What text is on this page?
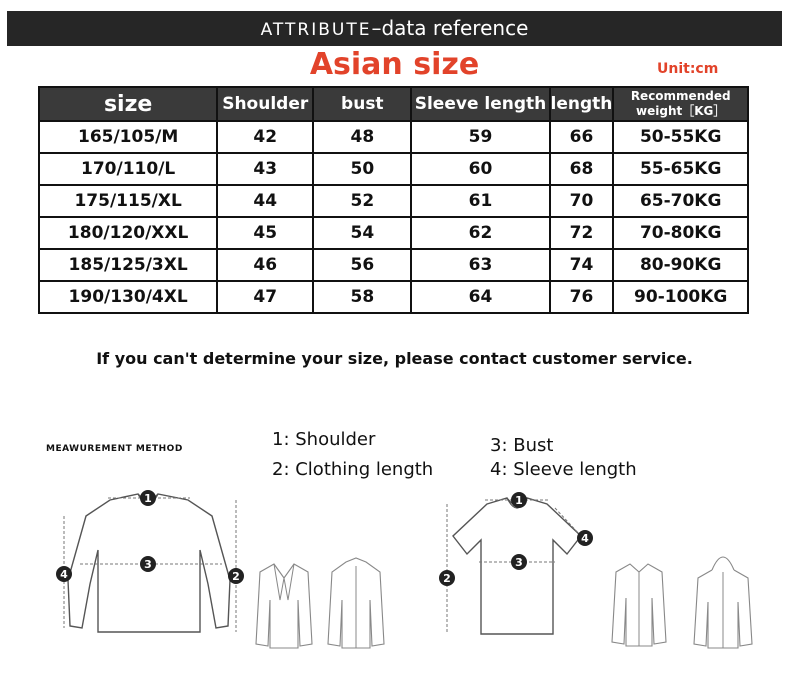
ATTRIBUTE–data reference
Asian size	Unit:cm
size	Shoulder	bust	Sleeve length	length	Recommended
weight［KG］
165/105/M	42	48	59	66	50-55KG
170/110/L	43	50	60	68	55-65KG
175/115/XL	44	52	61	70	65-70KG
180/120/XXL	45	54	62	72	70-80KG
185/125/3XL	46	56	63	74	80-90KG
190/130/4XL	47	58	64	76	90-100KG
If you can't determine your size, please contact customer service.
MEAWUREMENT METHOD	1: Shoulder
2: Clothing length
3: Bust
4: Sleeve length
1
3
2
4
1
3
2
4
